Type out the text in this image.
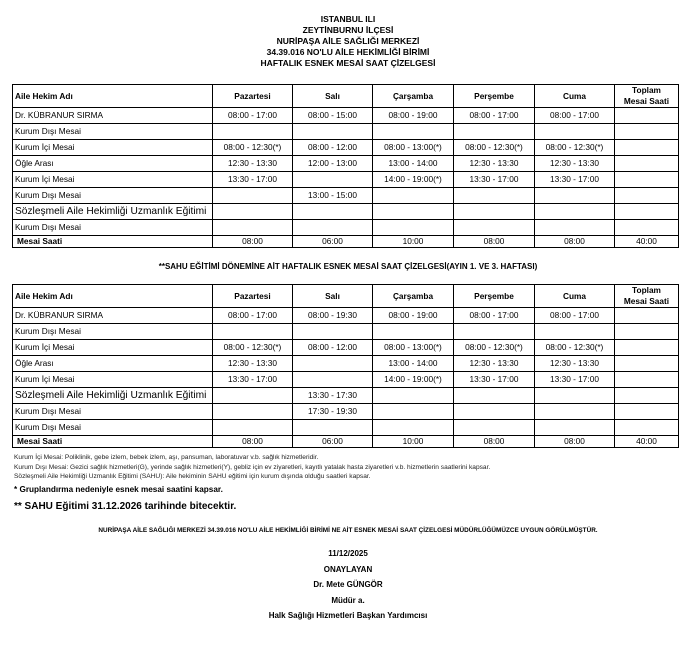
ISTANBUL ILI
ZEYTİNBURNU İLÇESİ
NURİPAŞA AİLE SAĞLIĞI MERKEZİ
34.39.016 NO'LU AİLE HEKİMLİĞİ BİRİMİ
HAFTALIK ESNEK MESAİ SAAT ÇİZELGESİ
Aile Hekim Adı	Pazartesi	Salı	Çarşamba	Perşembe	Cuma	Toplam
Mesai Saati

Dr. KÜBRANUR SIRMA	08:00 - 17:00	08:00 - 15:00	08:00 - 19:00	08:00 - 17:00	08:00 - 17:00	
Kurum Dışı Mesai						
Kurum İçi Mesai	08:00 - 12:30(*)	08:00 - 12:00	08:00 - 13:00(*)	08:00 - 12:30(*)	08:00 - 12:30(*)	
Öğle Arası	12:30 - 13:30	12:00 - 13:00	13:00 - 14:00	12:30 - 13:30	12:30 - 13:30	
Kurum İçi Mesai	13:30 - 17:00		14:00 - 19:00(*)	13:30 - 17:00	13:30 - 17:00	
Kurum Dışı Mesai		13:00 - 15:00				
Sözleşmeli Aile Hekimliği Uzmanlık Eğitimi						
Kurum Dışı Mesai						
Mesai Saati	08:00	06:00	10:00	08:00	08:00	40:00
**SAHU EĞİTİMİ DÖNEMİNE AİT HAFTALIK ESNEK MESAİ SAAT ÇİZELGESİ(AYIN 1. VE 3. HAFTASI)
Aile Hekim Adı	Pazartesi	Salı	Çarşamba	Perşembe	Cuma	Toplam
Mesai Saati

Dr. KÜBRANUR SIRMA	08:00 - 17:00	08:00 - 19:30	08:00 - 19:00	08:00 - 17:00	08:00 - 17:00	
Kurum Dışı Mesai						
Kurum İçi Mesai	08:00 - 12:30(*)	08:00 - 12:00	08:00 - 13:00(*)	08:00 - 12:30(*)	08:00 - 12:30(*)	
Öğle Arası	12:30 - 13:30		13:00 - 14:00	12:30 - 13:30	12:30 - 13:30	
Kurum İçi Mesai	13:30 - 17:00		14:00 - 19:00(*)	13:30 - 17:00	13:30 - 17:00	
Sözleşmeli Aile Hekimliği Uzmanlık Eğitimi		13:30 - 17:30				
Kurum Dışı Mesai		17:30 - 19:30				
Kurum Dışı Mesai						
Mesai Saati	08:00	06:00	10:00	08:00	08:00	40:00
Kurum İçi Mesai: Poliklinik, gebe izlem, bebek izlem, aşı, pansuman, laboratuvar v.b. sağlık hizmetleridir.
Kurum Dışı Mesai: Gezici sağlık hizmetleri(G), yerinde sağlık hizmetleri(Y), gebliz için ev ziyaretleri, kayıtlı yatalak hasta ziyaretleri v.b. hizmetlerin saatlerini kapsar.
Sözleşmeli Aile Hekimliği Uzmanlık Eğitimi (SAHU): Aile hekiminin SAHU eğitimi için kurum dışında olduğu saatleri kapsar.
* Gruplandırma nedeniyle esnek mesai saatini kapsar.
** SAHU Eğitimi 31.12.2026 tarihinde bitecektir.
NURİPAŞA AİLE SAĞLIĞI MERKEZİ 34.39.016 NO'LU AİLE HEKİMLİĞİ BİRİMİ NE AİT ESNEK MESAİ SAAT ÇİZELGESİ MÜDÜRLÜĞÜMÜZCE UYGUN GÖRÜLMÜŞTÜR.
11/12/2025
ONAYLAYAN
Dr. Mete GÜNGÖR
Müdür a.
Halk Sağlığı Hizmetleri Başkan Yardımcısı
